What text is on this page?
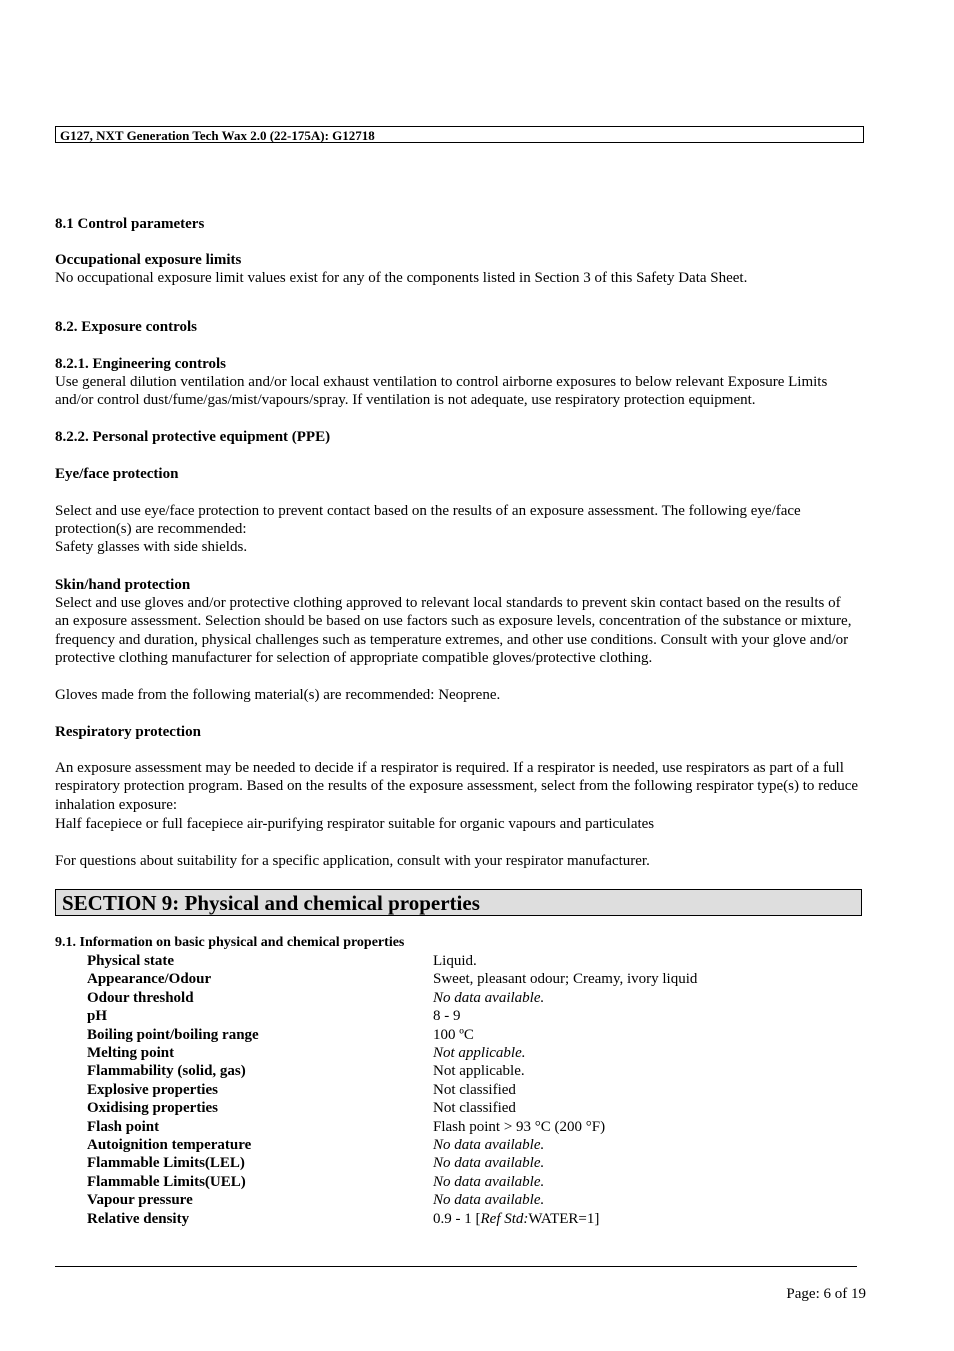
G127, NXT Generation Tech Wax 2.0 (22-175A): G12718
8.1 Control parameters
Occupational exposure limits
No occupational exposure limit values exist for any of the components listed in Section 3 of this Safety Data Sheet.
8.2. Exposure controls
8.2.1. Engineering controls
Use general dilution ventilation and/or local exhaust ventilation to control airborne exposures to below relevant Exposure Limits and/or control dust/fume/gas/mist/vapours/spray. If ventilation is not adequate, use respiratory protection equipment.
8.2.2. Personal protective equipment (PPE)
Eye/face protection
Select and use eye/face protection to prevent contact based on the results of an exposure assessment. The following eye/face protection(s) are recommended:
Safety glasses with side shields.
Skin/hand protection
Select and use gloves and/or protective clothing approved to relevant local standards to prevent skin contact based on the results of an exposure assessment. Selection should be based on use factors such as exposure levels, concentration of the substance or mixture, frequency and duration, physical challenges such as temperature extremes, and other use conditions. Consult with your glove and/or protective clothing manufacturer for selection of appropriate compatible gloves/protective clothing.
Gloves made from the following material(s) are recommended: Neoprene.
Respiratory protection
An exposure assessment may be needed to decide if a respirator is required. If a respirator is needed, use respirators as part of a full respiratory protection program. Based on the results of the exposure assessment, select from the following respirator type(s) to reduce inhalation exposure:
Half facepiece or full facepiece air-purifying respirator suitable for organic vapours and particulates
For questions about suitability for a specific application, consult with your respirator manufacturer.
SECTION 9: Physical and chemical properties
9.1. Information on basic physical and chemical properties
Physical state	Liquid.
Appearance/Odour	Sweet, pleasant odour; Creamy, ivory liquid
Odour threshold	No data available.
pH	8 - 9
Boiling point/boiling range	100 ºC
Melting point	Not applicable.
Flammability (solid, gas)	Not applicable.
Explosive properties	Not classified
Oxidising properties	Not classified
Flash point	Flash point > 93 °C (200 °F)
Autoignition temperature	No data available.
Flammable Limits(LEL)	No data available.
Flammable Limits(UEL)	No data available.
Vapour pressure	No data available.
Relative density	0.9 - 1 [Ref Std:WATER=1]
Page: 6 of 19
